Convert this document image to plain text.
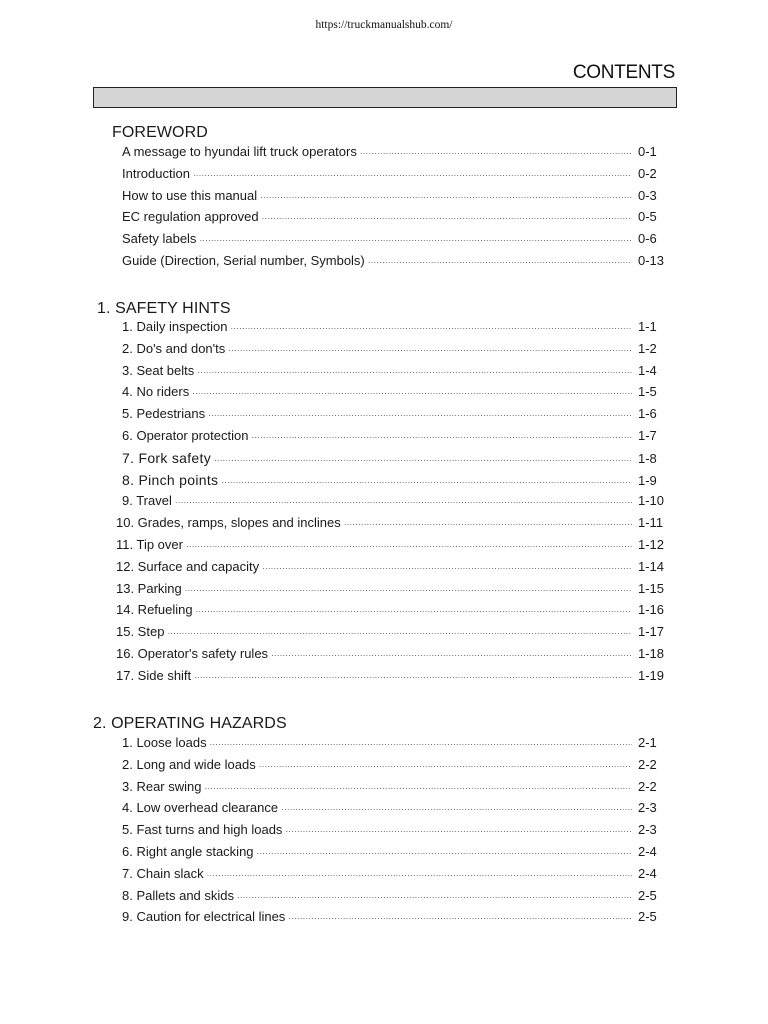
https://truckmanualshub.com/
CONTENTS
FOREWORD
A message to hyundai lift truck operators ·····	0-1
Introduction ·····	0-2
How to use this manual ·····	0-3
EC regulation approved ·····	0-5
Safety labels ·····	0-6
Guide (Direction, Serial number, Symbols) ·····	0-13
1. SAFETY HINTS
1. Daily inspection ·····	1-1
2. Do's and don'ts ·····	1-2
3. Seat belts ·····	1-4
4. No riders ·····	1-5
5. Pedestrians ·····	1-6
6. Operator protection ·····	1-7
7. Fork safety ·····	1-8
8. Pinch points ·····	1-9
9. Travel ·····	1-10
10. Grades, ramps, slopes and inclines ·····	1-11
11. Tip over ·····	1-12
12. Surface and capacity ·····	1-14
13. Parking ·····	1-15
14. Refueling ·····	1-16
15. Step ·····	1-17
16. Operator's safety rules ·····	1-18
17. Side shift ·····	1-19
2. OPERATING HAZARDS
1. Loose loads ·····	2-1
2. Long and wide loads ·····	2-2
3. Rear swing ·····	2-2
4. Low overhead clearance ·····	2-3
5. Fast turns and high loads ·····	2-3
6. Right angle stacking ·····	2-4
7. Chain slack ·····	2-4
8. Pallets and skids ·····	2-5
9. Caution for electrical lines ·····	2-5
